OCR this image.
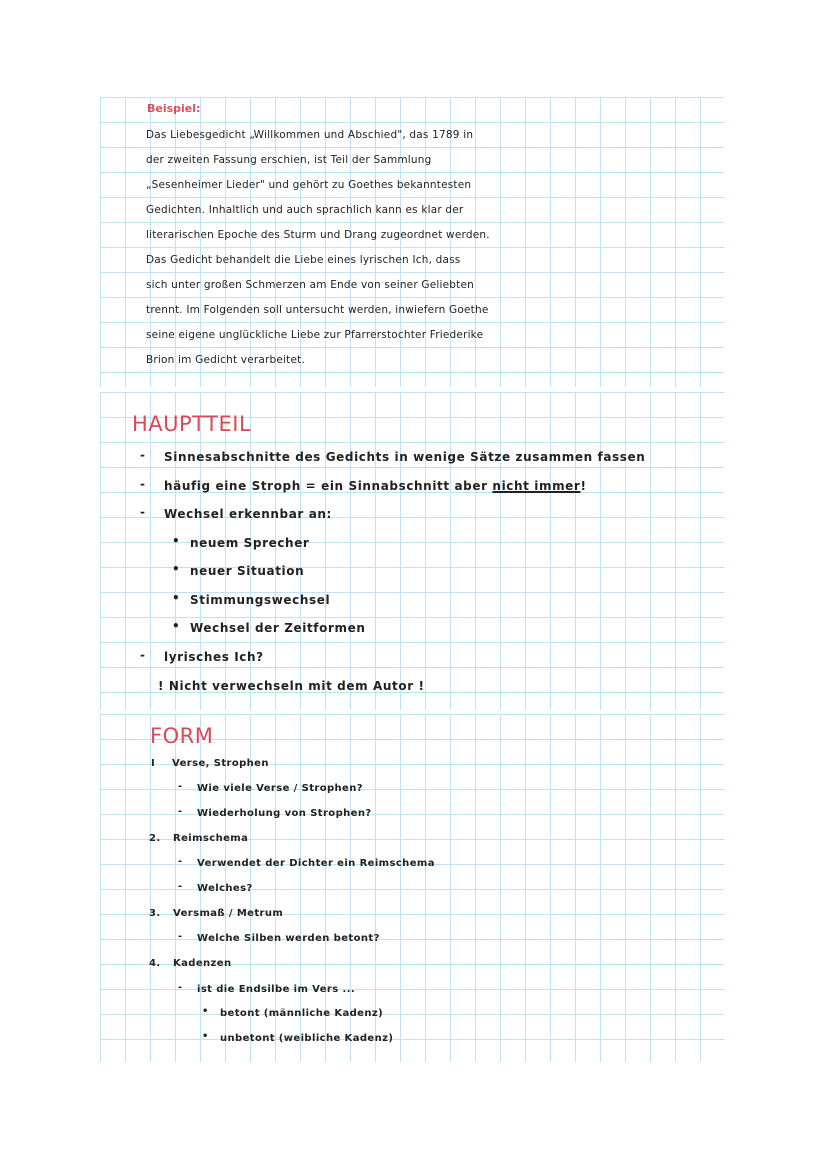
Beispiel:
Das Liebesgedicht „Willkommen und Abschied", das 1789 in
der zweiten Fassung erschien, ist Teil der Sammlung
„Sesenheimer Lieder" und gehört zu Goethes bekanntesten
Gedichten. Inhaltlich und auch sprachlich kann es klar der
literarischen Epoche des Sturm und Drang zugeordnet werden.
Das Gedicht behandelt die Liebe eines lyrischen Ich, dass
sich unter großen Schmerzen am Ende von seiner Geliebten
trennt. Im Folgenden soll untersucht werden, inwiefern Goethe
seine eigene unglückliche Liebe zur Pfarrerstochter Friederike
Brion im Gedicht verarbeitet.
HAUPTTEIL
- Sinnesabschnitte des Gedichts in wenige Sätze zusammen fassen
- häufig eine Stroph = ein Sinnabschnitt aber nicht immer!
- Wechsel erkennbar an:
• neuem Sprecher
• neuer Situation
• Stimmungswechsel
• Wechsel der Zeitformen
- lyrisches Ich?
! Nicht verwechseln mit dem Autor !
FORM
I Verse, Strophen
- Wie viele Verse / Strophen?
- Wiederholung von Strophen?
2. Reimschema
- Verwendet der Dichter ein Reimschema
- Welches?
3. Versmaß / Metrum
- Welche Silben werden betont?
4. Kadenzen
- ist die Endsilbe im Vers ...
• betont (männliche Kadenz)
• unbetont (weibliche Kadenz)
